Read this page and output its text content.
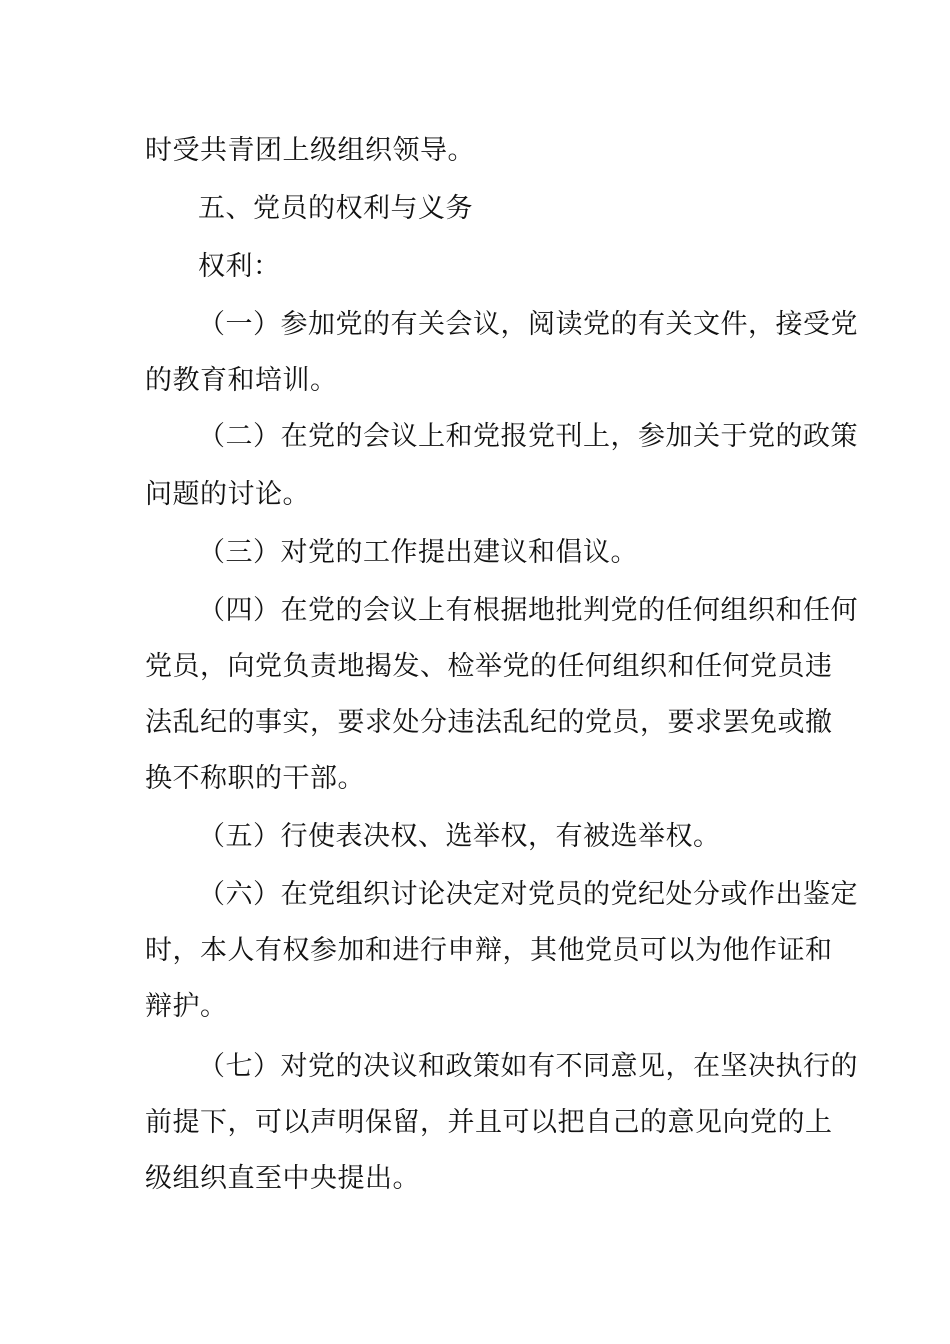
时受共青团上级组织领导。
五、党员的权利与义务
权利：
（一）参加党的有关会议，阅读党的有关文件，接受党
的教育和培训。
（二）在党的会议上和党报党刊上，参加关于党的政策
问题的讨论。
（三）对党的工作提出建议和倡议。
（四）在党的会议上有根据地批判党的任何组织和任何
党员，向党负责地揭发、检举党的任何组织和任何党员违
法乱纪的事实，要求处分违法乱纪的党员，要求罢免或撤
换不称职的干部。
（五）行使表决权、选举权，有被选举权。
（六）在党组织讨论决定对党员的党纪处分或作出鉴定
时，本人有权参加和进行申辩，其他党员可以为他作证和
辩护。
（七）对党的决议和政策如有不同意见，在坚决执行的
前提下，可以声明保留，并且可以把自己的意见向党的上
级组织直至中央提出。
